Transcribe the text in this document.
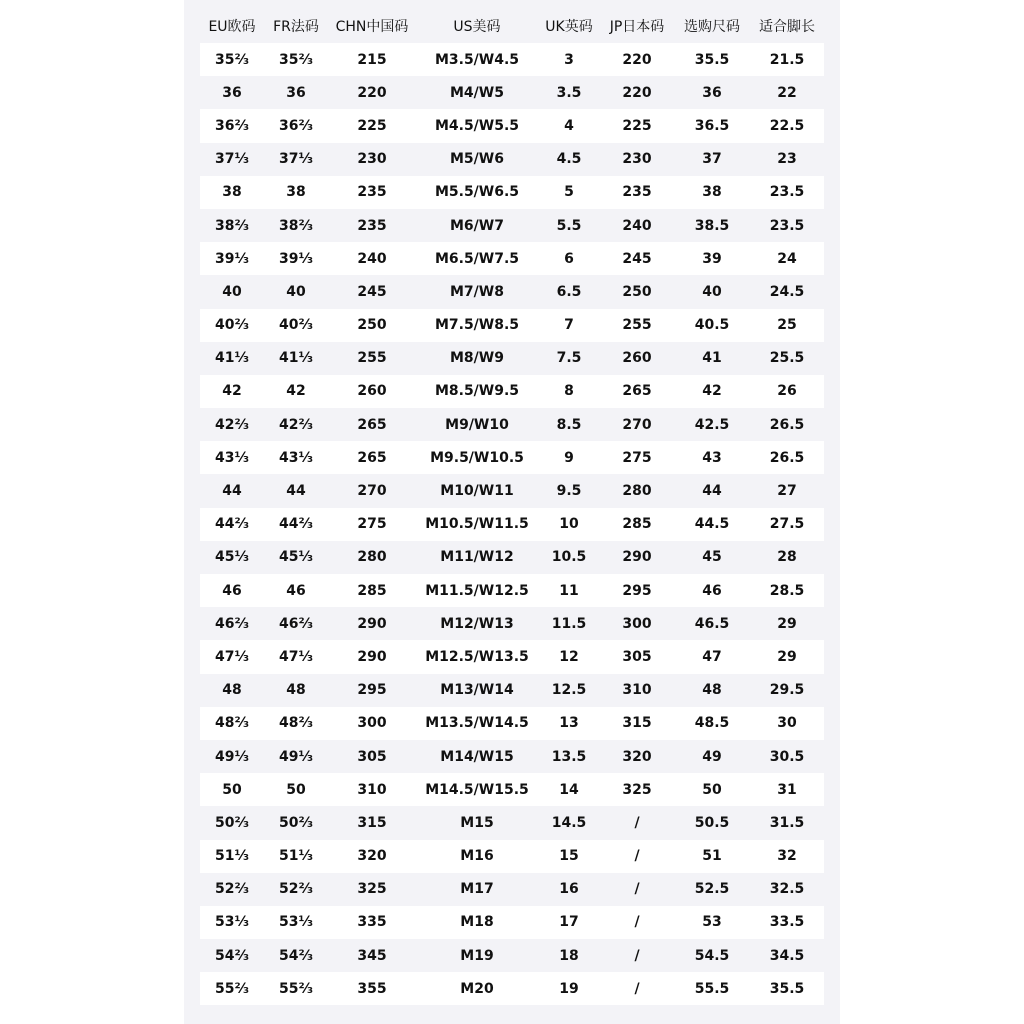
EU欧码	FR法码	CHN中国码	US美码	UK英码	JP日本码	选购尺码	适合脚长
35⅔	35⅔	215	M3.5/W4.5	3	220	35.5	21.5
36	36	220	M4/W5	3.5	220	36	22
36⅔	36⅔	225	M4.5/W5.5	4	225	36.5	22.5
37⅓	37⅓	230	M5/W6	4.5	230	37	23
38	38	235	M5.5/W6.5	5	235	38	23.5
38⅔	38⅔	235	M6/W7	5.5	240	38.5	23.5
39⅓	39⅓	240	M6.5/W7.5	6	245	39	24
40	40	245	M7/W8	6.5	250	40	24.5
40⅔	40⅔	250	M7.5/W8.5	7	255	40.5	25
41⅓	41⅓	255	M8/W9	7.5	260	41	25.5
42	42	260	M8.5/W9.5	8	265	42	26
42⅔	42⅔	265	M9/W10	8.5	270	42.5	26.5
43⅓	43⅓	265	M9.5/W10.5	9	275	43	26.5
44	44	270	M10/W11	9.5	280	44	27
44⅔	44⅔	275	M10.5/W11.5	10	285	44.5	27.5
45⅓	45⅓	280	M11/W12	10.5	290	45	28
46	46	285	M11.5/W12.5	11	295	46	28.5
46⅔	46⅔	290	M12/W13	11.5	300	46.5	29
47⅓	47⅓	290	M12.5/W13.5	12	305	47	29
48	48	295	M13/W14	12.5	310	48	29.5
48⅔	48⅔	300	M13.5/W14.5	13	315	48.5	30
49⅓	49⅓	305	M14/W15	13.5	320	49	30.5
50	50	310	M14.5/W15.5	14	325	50	31
50⅔	50⅔	315	M15	14.5	/	50.5	31.5
51⅓	51⅓	320	M16	15	/	51	32
52⅔	52⅔	325	M17	16	/	52.5	32.5
53⅓	53⅓	335	M18	17	/	53	33.5
54⅔	54⅔	345	M19	18	/	54.5	34.5
55⅔	55⅔	355	M20	19	/	55.5	35.5
